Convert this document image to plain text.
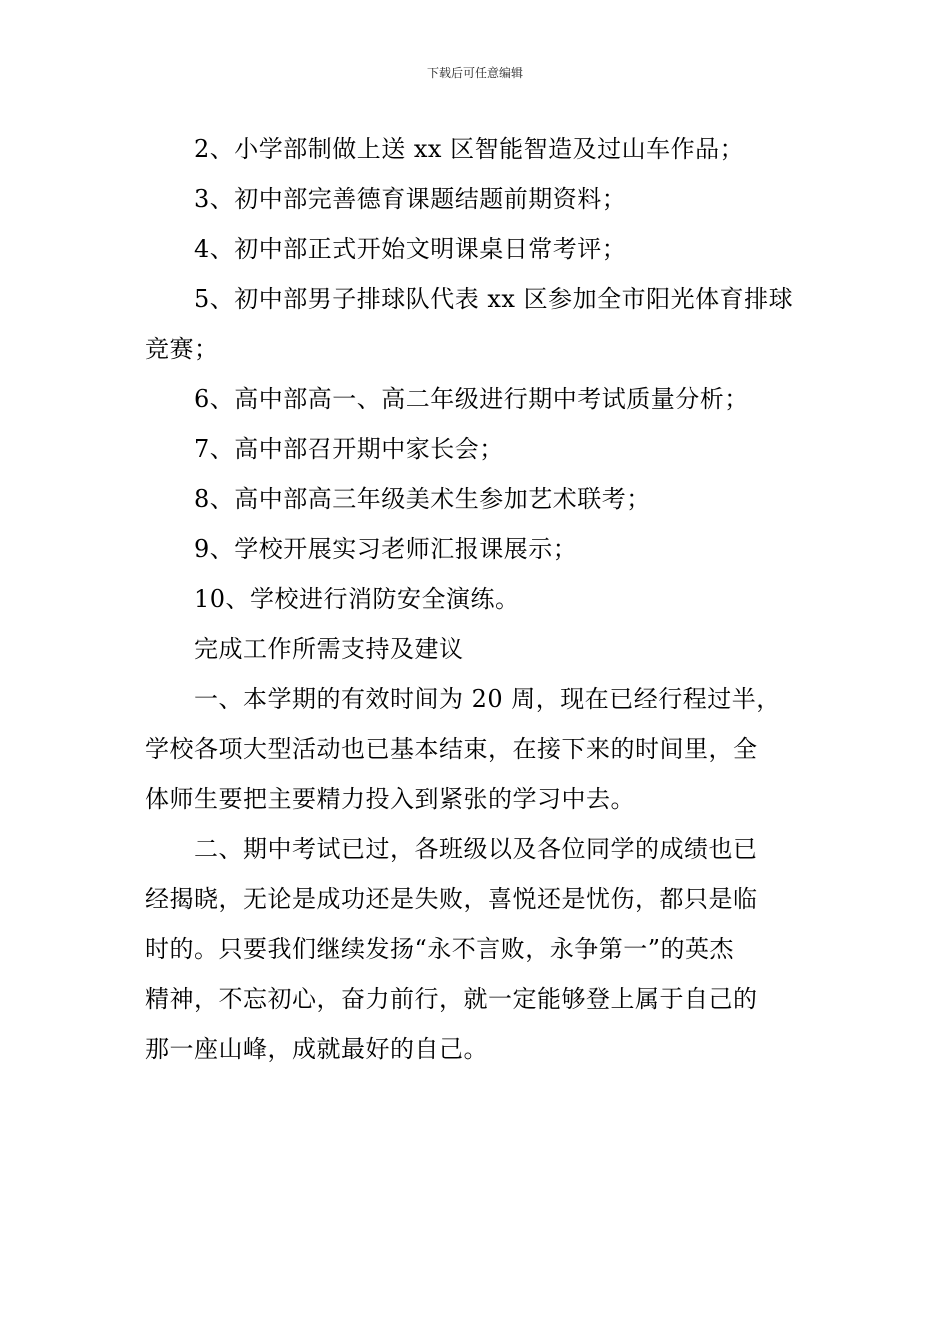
下载后可任意编辑
2、小学部制做上送 xx 区智能智造及过山车作品；
3、初中部完善德育课题结题前期资料；
4、初中部正式开始文明课桌日常考评；
5、初中部男子排球队代表 xx 区参加全市阳光体育排球
竞赛；
6、高中部高一、高二年级进行期中考试质量分析；
7、高中部召开期中家长会；
8、高中部高三年级美术生参加艺术联考；
9、学校开展实习老师汇报课展示；
10、学校进行消防安全演练。
完成工作所需支持及建议
一、本学期的有效时间为 20 周，现在已经行程过半，
学校各项大型活动也已基本结束，在接下来的时间里，全
体师生要把主要精力投入到紧张的学习中去。
二、期中考试已过，各班级以及各位同学的成绩也已
经揭晓，无论是成功还是失败，喜悦还是忧伤，都只是临
时的。只要我们继续发扬“永不言败，永争第一”的英杰
精神，不忘初心，奋力前行，就一定能够登上属于自己的
那一座山峰，成就最好的自己。
